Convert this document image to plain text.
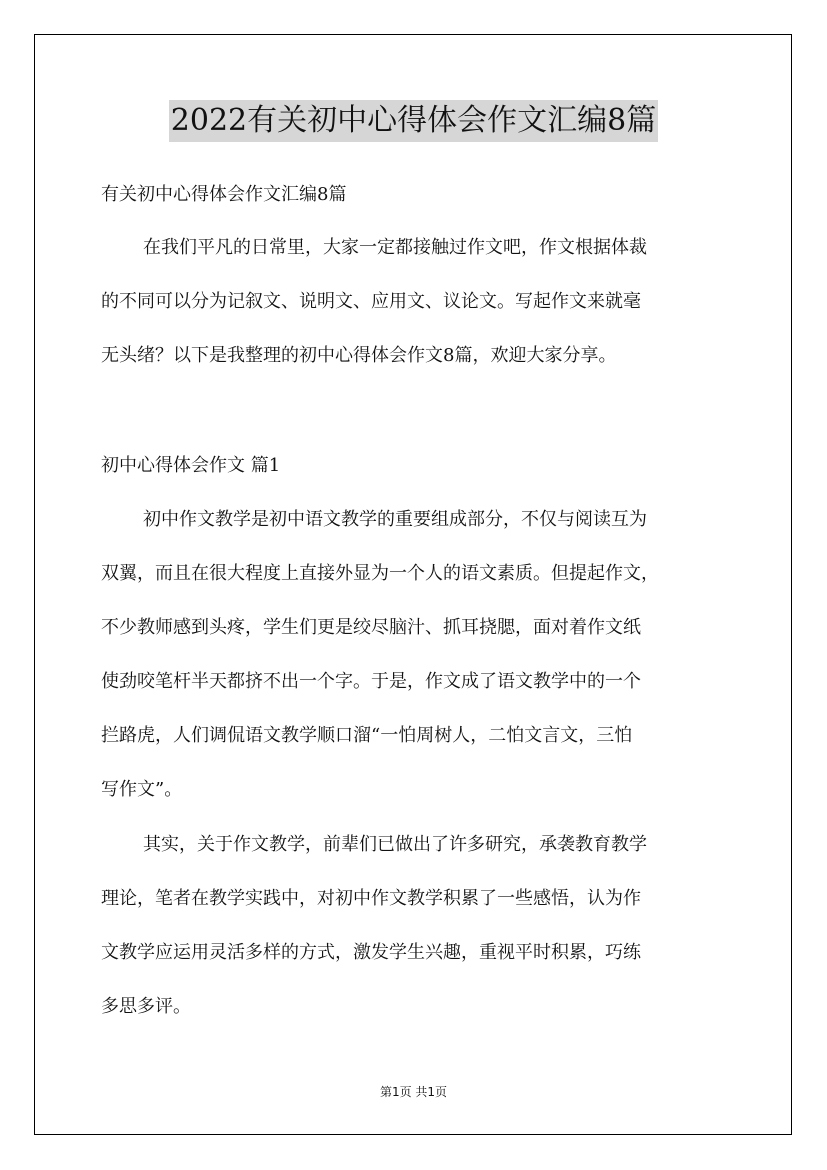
2022有关初中心得体会作文汇编8篇
有关初中心得体会作文汇编8篇
在我们平凡的日常里，大家一定都接触过作文吧，作文根据体裁
的不同可以分为记叙文、说明文、应用文、议论文。写起作文来就毫
无头绪？以下是我整理的初中心得体会作文8篇，欢迎大家分享。
初中心得体会作文 篇1
初中作文教学是初中语文教学的重要组成部分，不仅与阅读互为
双翼，而且在很大程度上直接外显为一个人的语文素质。但提起作文，
不少教师感到头疼，学生们更是绞尽脑汁、抓耳挠腮，面对着作文纸
使劲咬笔杆半天都挤不出一个字。于是，作文成了语文教学中的一个
拦路虎，人们调侃语文教学顺口溜“一怕周树人，二怕文言文，三怕
写作文”。
其实，关于作文教学，前辈们已做出了许多研究，承袭教育教学
理论，笔者在教学实践中，对初中作文教学积累了一些感悟，认为作
文教学应运用灵活多样的方式，激发学生兴趣，重视平时积累，巧练
多思多评。
第1页 共1页
